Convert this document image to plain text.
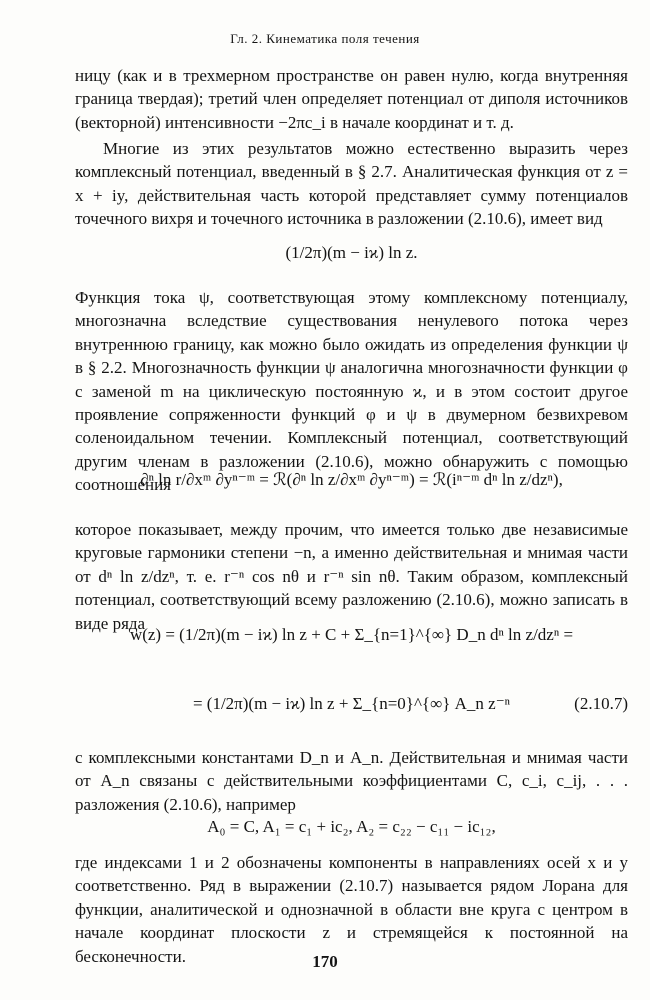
Гл. 2. Кинематика поля течения
ницу (как и в трехмерном пространстве он равен нулю, когда внутренняя граница твердая); третий член определяет потенциал от диполя источников (векторной) интенсивности −2πc_i в начале координат и т. д.

Многие из этих результатов можно естественно выразить через комплексный потенциал, введенный в § 2.7. Аналитическая функция от z = x + iy, действительная часть которой представляет сумму потенциалов точечного вихря и точечного источника в разложении (2.10.6), имеет вид

(1/2π)(m − iϰ) ln z.
Функция тока ψ, соответствующая этому комплексному потенциалу, многозначна вследствие существования ненулевого потока через внутреннюю границу, как можно было ожидать из определения функции ψ в § 2.2. Многозначность функции ψ аналогична многозначности функции φ с заменой m на циклическую постоянную ϰ, и в этом состоит другое проявление сопряженности функций φ и ψ в двумерном безвихревом соленоидальном течении. Комплексный потенциал, соответствующий другим членам в разложении (2.10.6), можно обнаружить с помощью соотношения
∂ⁿ ln r/∂xᵐ ∂yⁿ⁻ᵐ = ℛ(∂ⁿ ln z/∂xᵐ ∂yⁿ⁻ᵐ) = ℛ(iⁿ⁻ᵐ dⁿ ln z/dzⁿ),
которое показывает, между прочим, что имеется только две независимые круговые гармоники степени −n, а именно действительная и мнимая части от dⁿ ln z/dzⁿ, т. е. r⁻ⁿ cos nθ и r⁻ⁿ sin nθ. Таким образом, комплексный потенциал, соответствующий всему разложению (2.10.6), можно записать в виде ряда
w(z) = (1/2π)(m − iϰ) ln z + C + Σ_{n=1}^{∞} D_n dⁿ ln z/dzⁿ =
= (1/2π)(m − iϰ) ln z + Σ_{n=0}^{∞} A_n z⁻ⁿ	(2.10.7)
с комплексными константами D_n и A_n. Действительная и мнимая части от A_n связаны с действительными коэффициентами C, c_i, c_ij, . . . разложения (2.10.6), например
A₀ = C, A₁ = c₁ + ic₂, A₂ = c₂₂ − c₁₁ − ic₁₂,
где индексами 1 и 2 обозначены компоненты в направлениях осей x и y соответственно. Ряд в выражении (2.10.7) называется рядом Лорана для функции, аналитической и однозначной в области вне круга с центром в начале координат плоскости z и стремящейся к постоянной на бесконечности.	170
